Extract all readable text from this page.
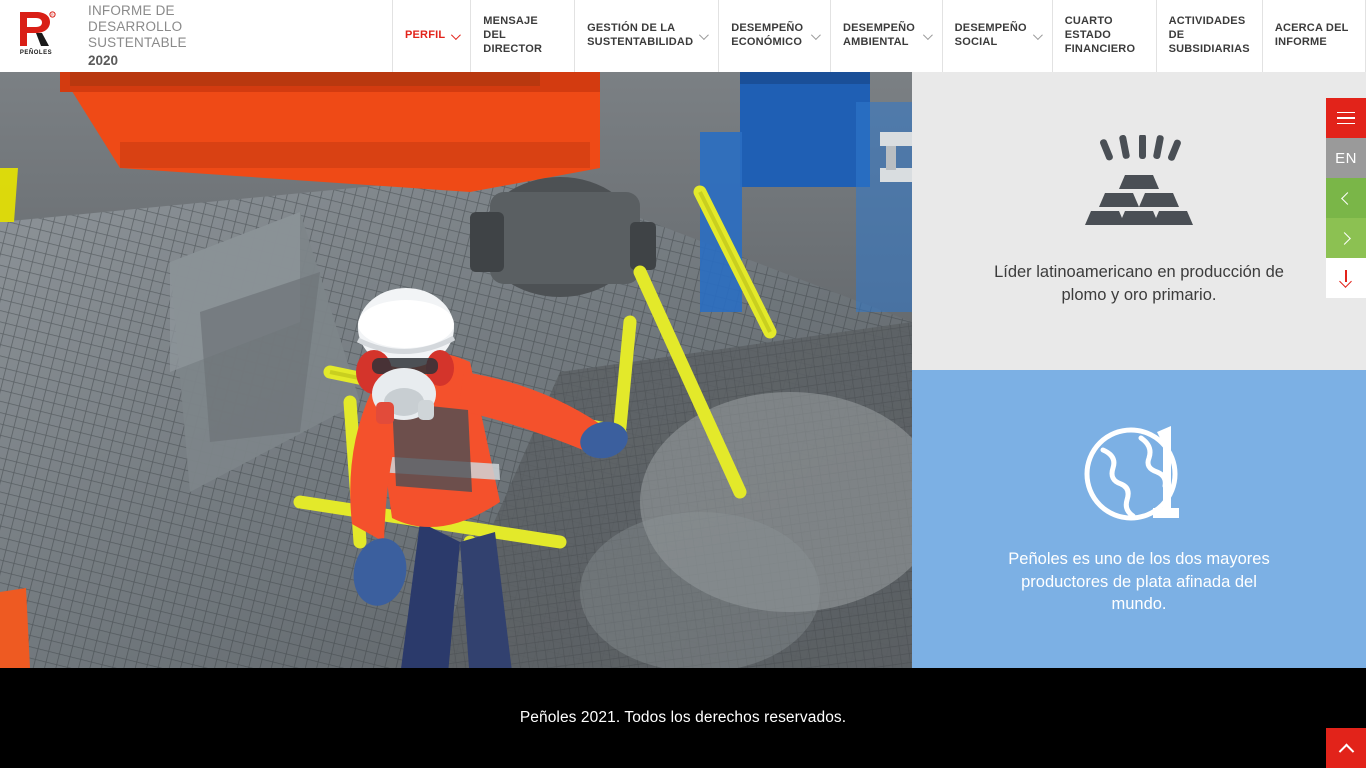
R
PEÑOLES
INFORME DE
DESARROLLO
SUSTENTABLE
2020
PERFIL
MENSAJE DEL DIRECTOR
GESTIÓN DE LA SUSTENTABILIDAD
DESEMPEÑO ECONÓMICO
DESEMPEÑO AMBIENTAL
DESEMPEÑO SOCIAL
CUARTO ESTADO FINANCIERO
ACTIVIDADES DE SUBSIDIARIAS
ACERCA DEL INFORME
Líder latinoamericano en producción de plomo y oro primario.
Peñoles es uno de los dos mayores productores de plata afinada del mundo.
EN
Peñoles 2021. Todos los derechos reservados.
